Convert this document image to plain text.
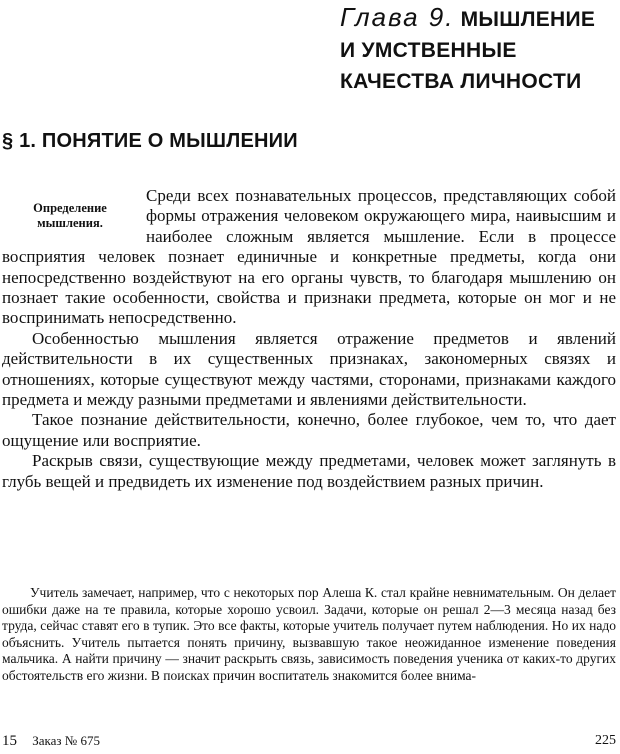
Глава 9. МЫШЛЕНИЕ
И УМСТВЕННЫЕ
КАЧЕСТВА ЛИЧНОСТИ
§ 1. ПОНЯТИЕ О МЫШЛЕНИИ
Определение мышления.

Среди всех познавательных процессов, представляющих собой формы отражения человеком окружающего мира, наивысшим и наиболее сложным является мышление. Если в процессе восприятия человек познает единичные и конкретные предметы, когда они непосредственно воздействуют на его органы чувств, то благодаря мышлению он познает такие особенности, свойства и признаки предмета, которые он мог и не воспринимать непосредственно.

Особенностью мышления является отражение предметов и явлений действительности в их существенных признаках, закономерных связях и отношениях, которые существуют между частями, сторонами, признаками каждого предмета и между разными предметами и явлениями действительности.

Такое познание действительности, конечно, более глубокое, чем то, что дает ощущение или восприятие.

Раскрыв связи, существующие между предметами, человек может заглянуть в глубь вещей и предвидеть их изменение под воздействием разных причин.

Учитель замечает, например, что с некоторых пор Алеша К. стал крайне невнимательным. Он делает ошибки даже на те правила, которые хорошо усвоил. Задачи, которые он решал 2—3 месяца назад без труда, сейчас ставят его в тупик. Это все факты, которые учитель получает путем наблюдения. Но их надо объяснить. Учитель пытается понять причину, вызвавшую такое неожиданное изменение поведения мальчика. А найти причину — значит раскрыть связь, зависимость поведения ученика от каких-то других обстоятельств его жизни. В поисках причин воспитатель знакомится более внима-

15 Заказ № 675	225
